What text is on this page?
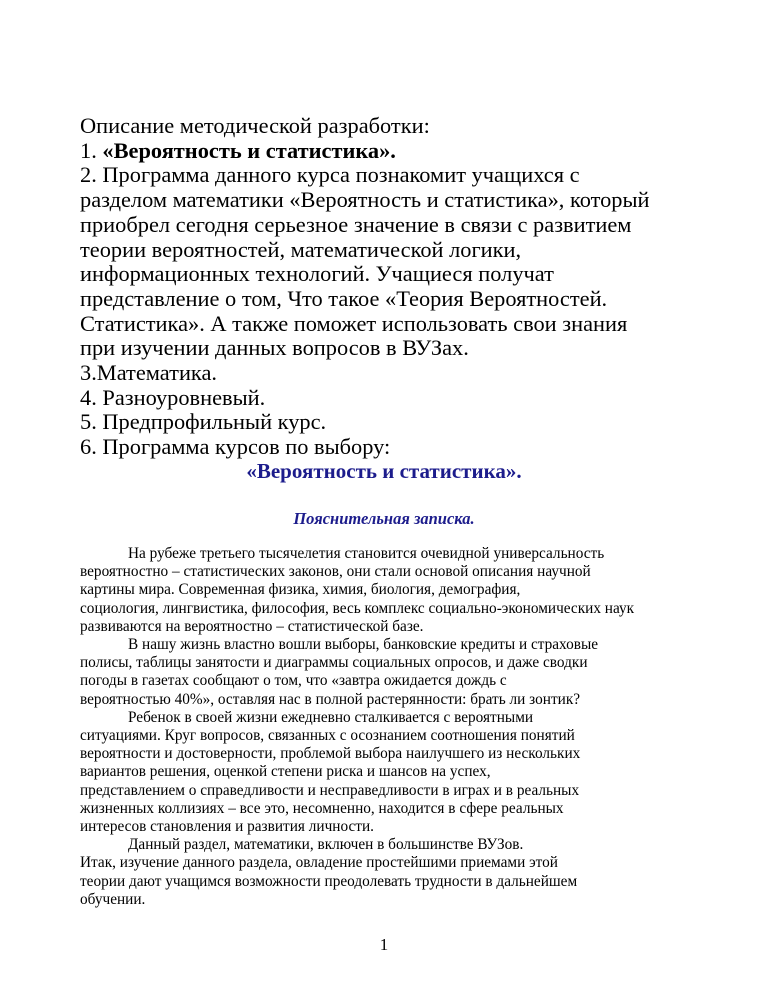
Описание методической разработки:

1. «Вероятность и статистика».

2. Программа данного курса познакомит учащихся с

разделом математики «Вероятность и статистика», который

приобрел сегодня серьезное значение в связи с развитием

теории вероятностей, математической логики,

информационных технологий. Учащиеся получат

представление о том, Что такое «Теория Вероятностей.

Статистика». А также поможет использовать свои знания

при изучении данных вопросов в ВУЗах.

3.Математика.

4. Разноуровневый.

5. Предпрофильный курс.

6. Программа курсов по выбору:

«Вероятность и статистика».

Пояснительная записка.

На рубеже третьего тысячелетия становится очевидной универсальность
вероятностно – статистических законов, они стали основой описания научной
картины мира. Современная физика, химия, биология, демография,
социология, лингвистика, философия, весь комплекс социально-экономических наук развиваются на вероятностно – статистической базе.

В нашу жизнь властно вошли выборы, банковские кредиты и страховые
полисы, таблицы занятости и диаграммы социальных опросов, и даже сводки
погоды в газетах сообщают о том, что «завтра ожидается дождь с
вероятностью 40%», оставляя нас в полной растерянности: брать ли зонтик?

Ребенок в своей жизни ежедневно сталкивается с вероятными
ситуациями. Круг вопросов, связанных с осознанием соотношения понятий
вероятности и достоверности, проблемой выбора наилучшего из нескольких
вариантов решения, оценкой степени риска и шансов на успех,
представлением о справедливости и несправедливости в играх и в реальных
жизненных коллизиях – все это, несомненно, находится в сфере реальных
интересов становления и развития личности.

Данный раздел, математики, включен в большинстве ВУЗов.

Итак, изучение данного раздела, овладение простейшими приемами этой
теории дают учащимся возможности преодолевать трудности в дальнейшем
обучении.

1
